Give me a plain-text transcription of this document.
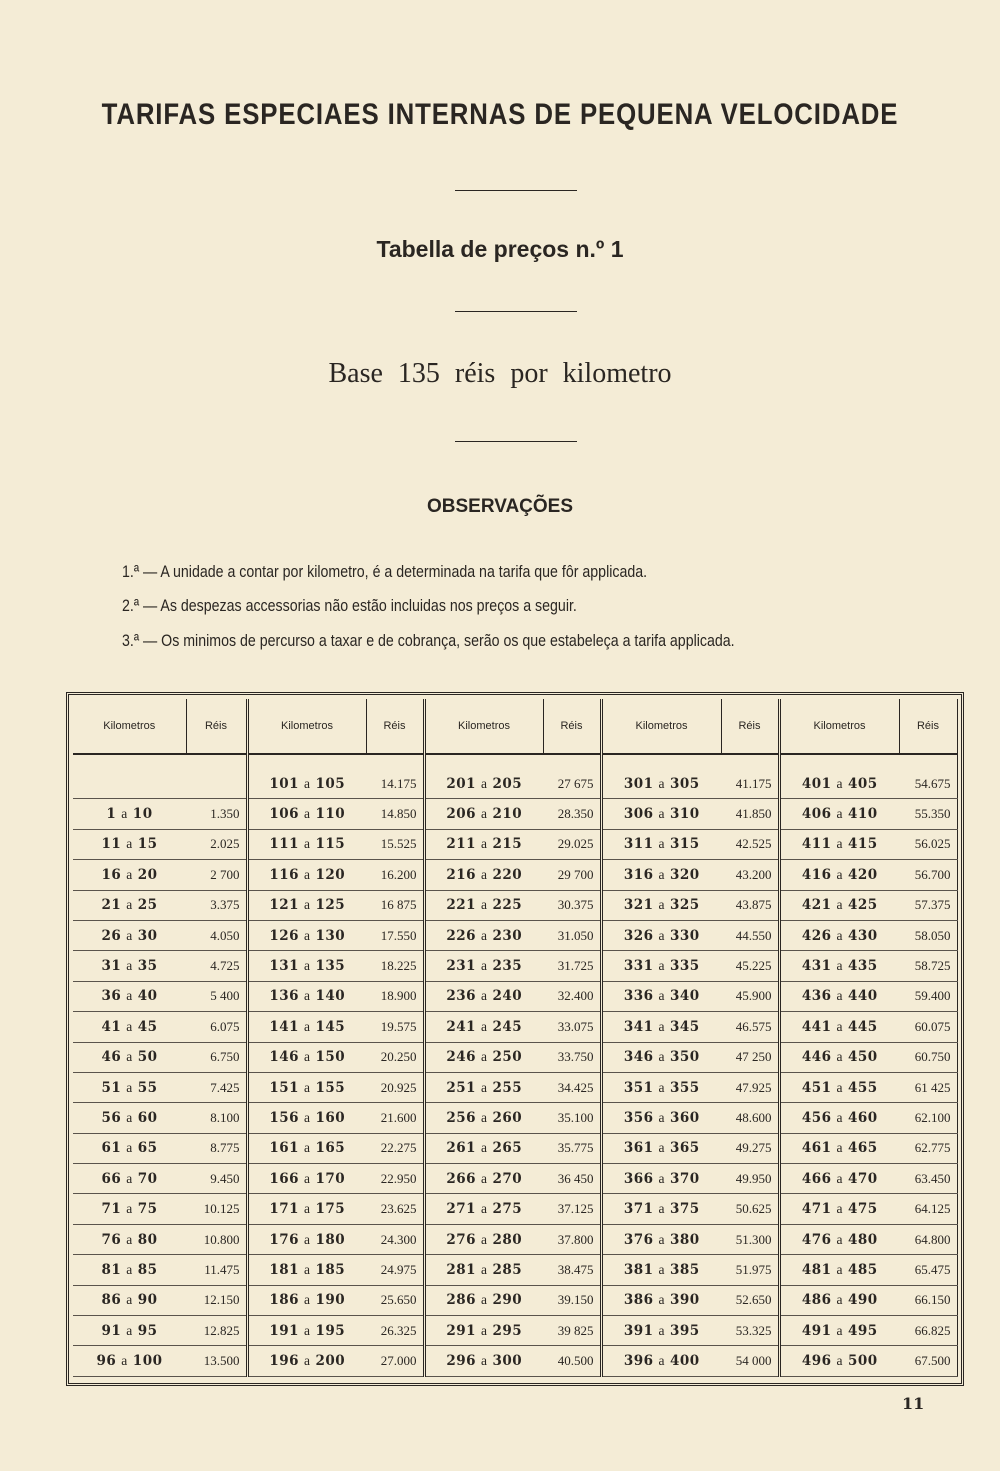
TARIFAS ESPECIAES INTERNAS DE PEQUENA VELOCIDADE
Tabella de preços n.º 1

Base 135 réis por kilometro

OBSERVAÇÕES
1.ª — A unidade a contar por kilometro, é a determinada na tarifa que fôr applicada.
2.ª — As despezas accessorias não estão incluidas nos preços a seguir.
3.ª — Os minimos de percurso a taxar e de cobrança, serão os que estabeleça a tarifa applicada.
Kilometros	Réis	Kilometros	Réis	Kilometros	Réis	Kilometros	Réis	Kilometros	Réis

		101 a 105	14.175	201 a 205	27 675	301 a 305	41.175	401 a 405	54.675
1 a 10	1.350	106 a 110	14.850	206 a 210	28.350	306 a 310	41.850	406 a 410	55.350
11 a 15	2.025	111 a 115	15.525	211 a 215	29.025	311 a 315	42.525	411 a 415	56.025
16 a 20	2 700	116 a 120	16.200	216 a 220	29 700	316 a 320	43.200	416 a 420	56.700
21 a 25	3.375	121 a 125	16 875	221 a 225	30.375	321 a 325	43.875	421 a 425	57.375
26 a 30	4.050	126 a 130	17.550	226 a 230	31.050	326 a 330	44.550	426 a 430	58.050
31 a 35	4.725	131 a 135	18.225	231 a 235	31.725	331 a 335	45.225	431 a 435	58.725
36 a 40	5 400	136 a 140	18.900	236 a 240	32.400	336 a 340	45.900	436 a 440	59.400
41 a 45	6.075	141 a 145	19.575	241 a 245	33.075	341 a 345	46.575	441 a 445	60.075
46 a 50	6.750	146 a 150	20.250	246 a 250	33.750	346 a 350	47 250	446 a 450	60.750
51 a 55	7.425	151 a 155	20.925	251 a 255	34.425	351 a 355	47.925	451 a 455	61 425
56 a 60	8.100	156 a 160	21.600	256 a 260	35.100	356 a 360	48.600	456 a 460	62.100
61 a 65	8.775	161 a 165	22.275	261 a 265	35.775	361 a 365	49.275	461 a 465	62.775
66 a 70	9.450	166 a 170	22.950	266 a 270	36 450	366 a 370	49.950	466 a 470	63.450
71 a 75	10.125	171 a 175	23.625	271 a 275	37.125	371 a 375	50.625	471 a 475	64.125
76 a 80	10.800	176 a 180	24.300	276 a 280	37.800	376 a 380	51.300	476 a 480	64.800
81 a 85	11.475	181 a 185	24.975	281 a 285	38.475	381 a 385	51.975	481 a 485	65.475
86 a 90	12.150	186 a 190	25.650	286 a 290	39.150	386 a 390	52.650	486 a 490	66.150
91 a 95	12.825	191 a 195	26.325	291 a 295	39 825	391 a 395	53.325	491 a 495	66.825
96 a 100	13.500	196 a 200	27.000	296 a 300	40.500	396 a 400	54 000	496 a 500	67.500
11
